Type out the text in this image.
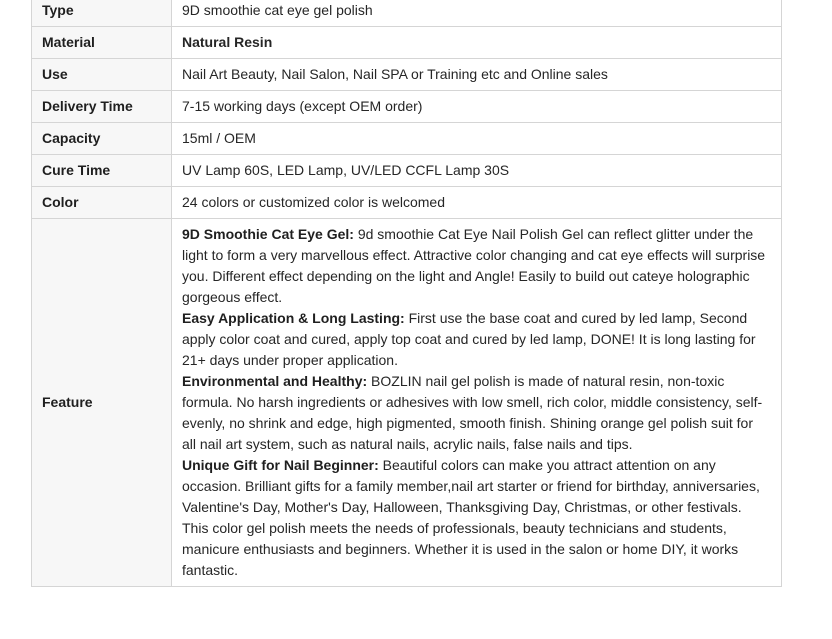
Type	9D smoothie cat eye gel polish
Material	Natural Resin
Use	Nail Art Beauty, Nail Salon, Nail SPA or Training etc and Online sales
Delivery Time	7-15 working days (except OEM order)
Capacity	15ml / OEM
Cure Time	UV Lamp 60S, LED Lamp, UV/LED CCFL Lamp 30S
Color	24 colors or customized color is welcomed
Feature	9D Smoothie Cat Eye Gel: 9d smoothie Cat Eye Nail Polish Gel can reflect glitter under the light to form a very marvellous effect. Attractive color changing and cat eye effects will surprise you. Different effect depending on the light and Angle! Easily to build out cateye holographic gorgeous effect.
Easy Application & Long Lasting: First use the base coat and cured by led lamp, Second apply color coat and cured, apply top coat and cured by led lamp, DONE! It is long lasting for 21+ days under proper application.
Environmental and Healthy: BOZLIN nail gel polish is made of natural resin, non-toxic formula. No harsh ingredients or adhesives with low smell, rich color, middle consistency, self-evenly, no shrink and edge, high pigmented, smooth finish. Shining orange gel polish suit for all nail art system, such as natural nails, acrylic nails, false nails and tips.
Unique Gift for Nail Beginner: Beautiful colors can make you attract attention on any occasion. Brilliant gifts for a family member,nail art starter or friend for birthday, anniversaries, Valentine's Day, Mother's Day, Halloween, Thanksgiving Day, Christmas, or other festivals. This color gel polish meets the needs of professionals, beauty technicians and students, manicure enthusiasts and beginners. Whether it is used in the salon or home DIY, it works fantastic.
